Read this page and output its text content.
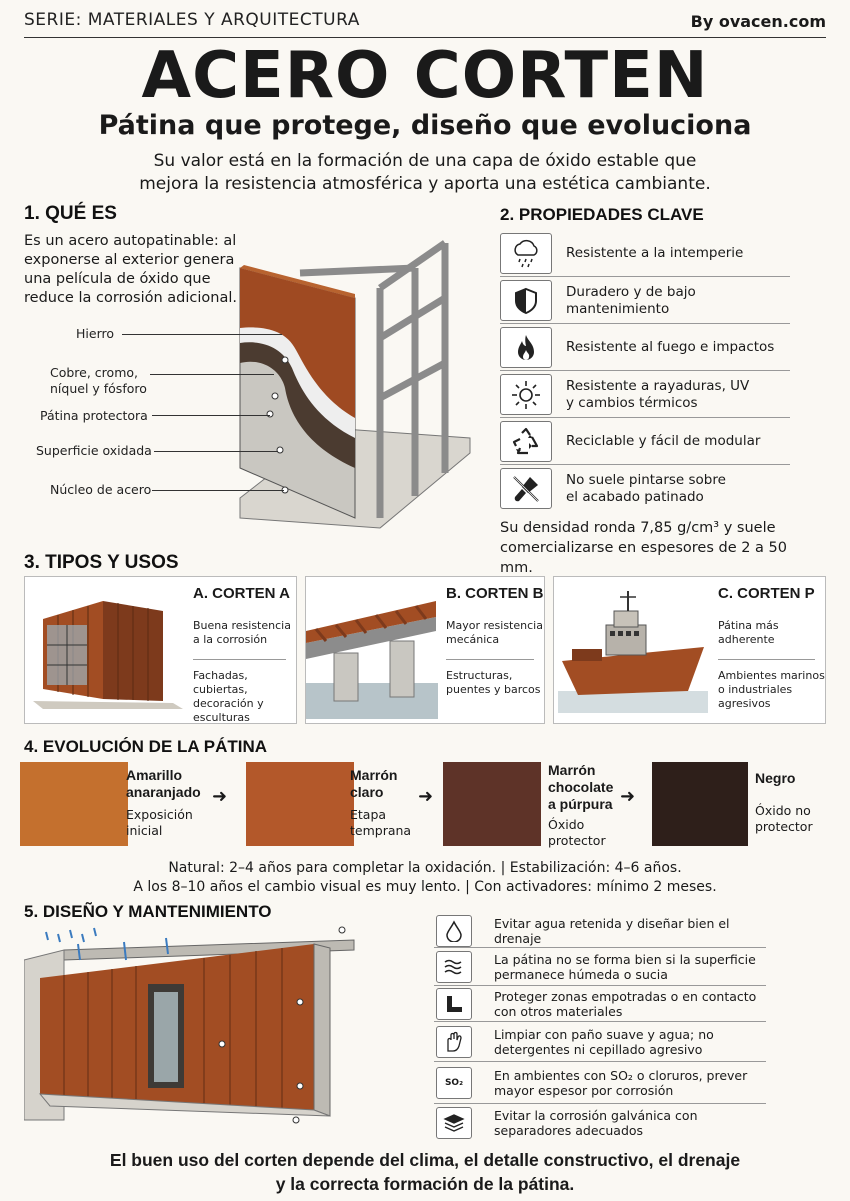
SERIE: MATERIALES Y ARQUITECTURA	By ovacen.com
ACERO CORTEN
Pátina que protege, diseño que evoluciona
Su valor está en la formación de una capa de óxido estable que
mejora la resistencia atmosférica y aporta una estética cambiante.
1. QUÉ ES
Es un acero autopatinable: al exponerse al exterior genera una película de óxido que reduce la corrosión adicional.
Hierro
Cobre, cromo,
níquel y fósforo
Pátina protectora
Superficie oxidada
Núcleo de acero
2. PROPIEDADES CLAVE
Resistente a la intemperie
Duradero y de bajo mantenimiento
Resistente al fuego e impactos
Resistente a rayaduras, UV
y cambios térmicos
Reciclable y fácil de modular
No suele pintarse sobre
el acabado patinado
Su densidad ronda 7,85 g/cm³ y suele
comercializarse en espesores de 2 a 50 mm.
3. TIPOS Y USOS
A. CORTEN A
Buena resistencia
a la corrosión
Fachadas, cubiertas,
decoración y
esculturas
B. CORTEN B
Mayor resistencia
mecánica
Estructuras,
puentes y barcos
C. CORTEN P
Pátina más
adherente
Ambientes marinos
o industriales
agresivos
4. EVOLUCIÓN DE LA PÁTINA
Amarillo
anaranjado
Exposición
inicial
➜
Marrón
claro
Etapa
temprana
➜
Marrón
chocolate
a púrpura
Óxido
protector
➜
Negro
Óxido no
protector
Natural: 2–4 años para completar la oxidación. | Estabilización: 4–6 años.
A los 8–10 años el cambio visual es muy lento. | Con activadores: mínimo 2 meses.
5. DISEÑO Y MANTENIMIENTO
Evitar agua retenida y diseñar bien el drenaje
La pátina no se forma bien si la superficie
permanece húmeda o sucia
Proteger zonas empotradas o en contacto
con otros materiales
Limpiar con paño suave y agua; no
detergentes ni cepillado agresivo
SO₂	En ambientes con SO₂ o cloruros, prever
mayor espesor por corrosión
Evitar la corrosión galvánica con
separadores adecuados
El buen uso del corten depende del clima, el detalle constructivo, el drenaje
y la correcta formación de la pátina.
